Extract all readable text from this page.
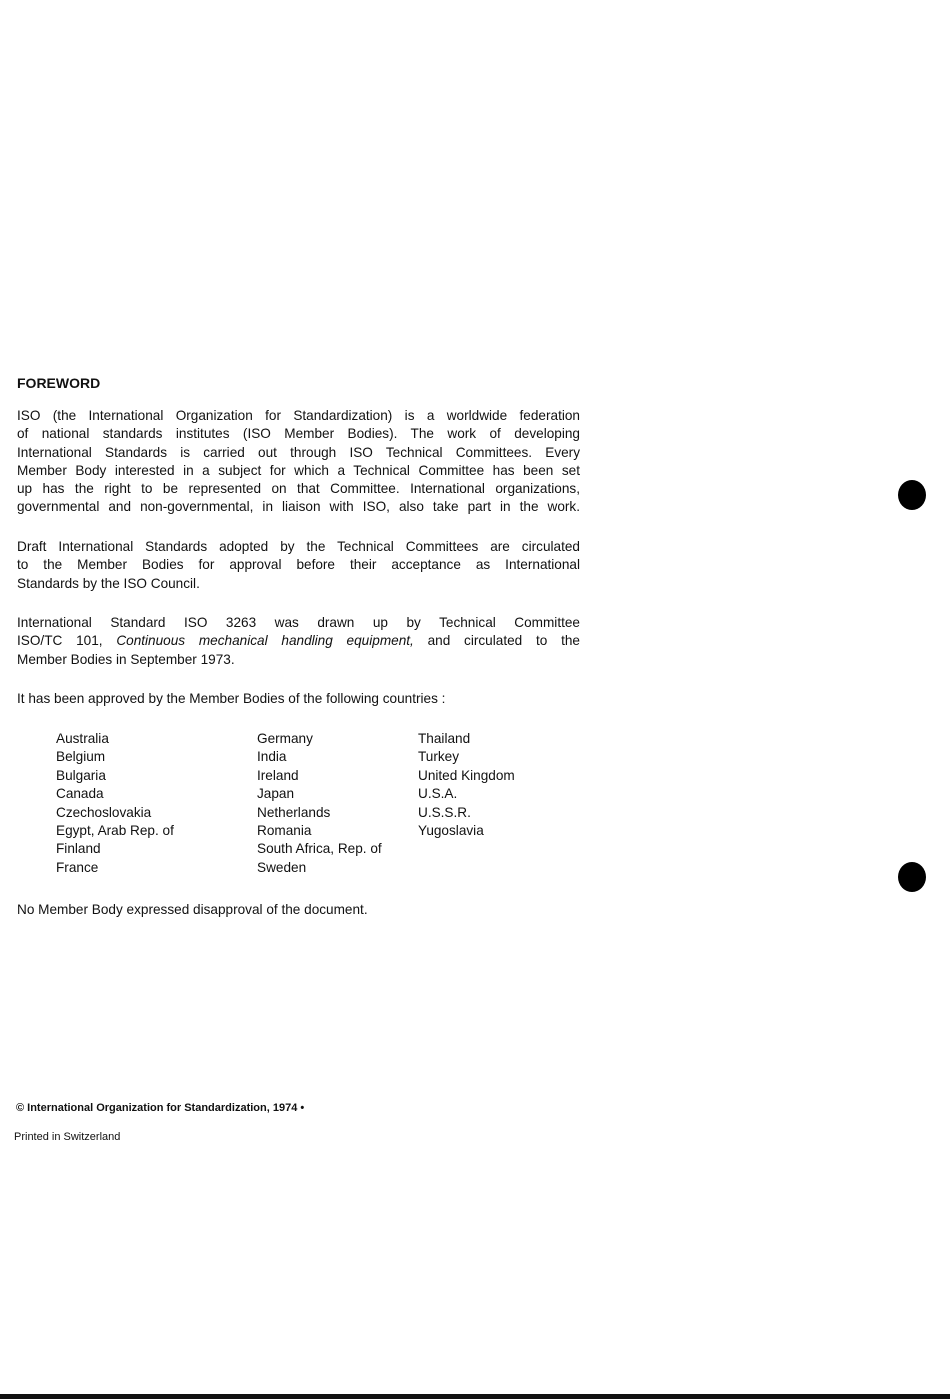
FOREWORD
ISO (the International Organization for Standardization) is a worldwide federation
of national standards institutes (ISO Member Bodies). The work of developing
International Standards is carried out through ISO Technical Committees. Every
Member Body interested in a subject for which a Technical Committee has been set
up has the right to be represented on that Committee. International organizations,
governmental and non-governmental, in liaison with ISO, also take part in the work.
Draft International Standards adopted by the Technical Committees are circulated
to the Member Bodies for approval before their acceptance as International
Standards by the ISO Council.
International Standard ISO 3263 was drawn up by Technical Committee
ISO/TC 101, Continuous mechanical handling equipment, and circulated to the
Member Bodies in September 1973.
It has been approved by the Member Bodies of the following countries :
Australia
Belgium
Bulgaria
Canada
Czechoslovakia
Egypt, Arab Rep. of
Finland
France
Germany
India
Ireland
Japan
Netherlands
Romania
South Africa, Rep. of
Sweden
Thailand
Turkey
United Kingdom
U.S.A.
U.S.S.R.
Yugoslavia
No Member Body expressed disapproval of the document.
© International Organization for Standardization, 1974 •
Printed in Switzerland
